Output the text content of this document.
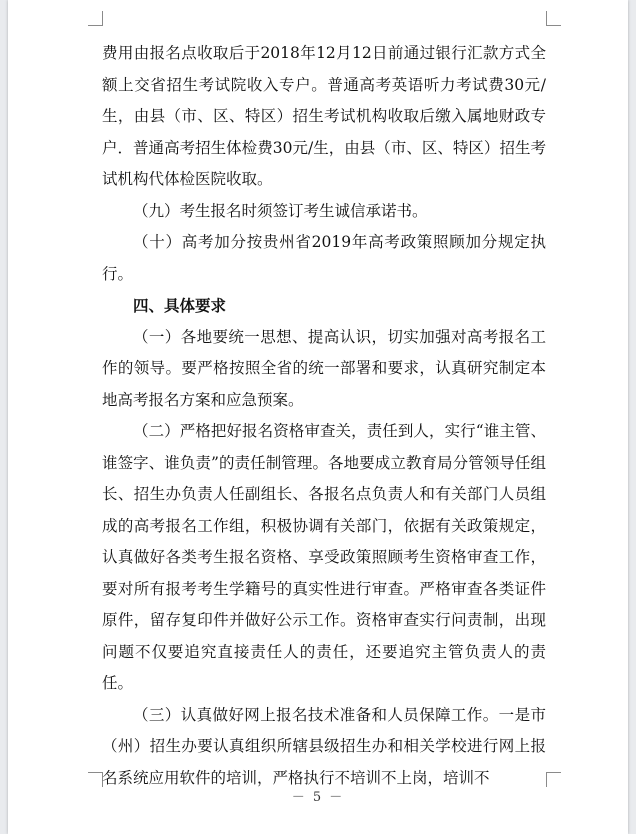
费用由报名点收取后于2018年12月12日前通过银行汇款方式全额上交省招生考试院收入专户。普通高考英语听力考试费30元/生，由县（市、区、特区）招生考试机构收取后缴入属地财政专户．普通高考招生体检费30元/生，由县（市、区、特区）招生考试机构代体检医院收取。

（九）考生报名时须签订考生诚信承诺书。

（十）高考加分按贵州省2019年高考政策照顾加分规定执行。

四、具体要求

（一）各地要统一思想、提高认识，切实加强对高考报名工作的领导。要严格按照全省的统一部署和要求，认真研究制定本地高考报名方案和应急预案。

（二）严格把好报名资格审查关，责任到人，实行“谁主管、谁签字、谁负责”的责任制管理。各地要成立教育局分管领导任组长、招生办负责人任副组长、各报名点负责人和有关部门人员组成的高考报名工作组，积极协调有关部门，依据有关政策规定，认真做好各类考生报名资格、享受政策照顾考生资格审查工作，要对所有报考考生学籍号的真实性进行审查。严格审查各类证件原件，留存复印件并做好公示工作。资格审查实行问责制，出现问题不仅要追究直接责任人的责任，还要追究主管负责人的责任。

（三）认真做好网上报名技术准备和人员保障工作。一是市（州）招生办要认真组织所辖县级招生办和相关学校进行网上报名系统应用软件的培训，严格执行不培训不上岗，培训不

－ 5 －
